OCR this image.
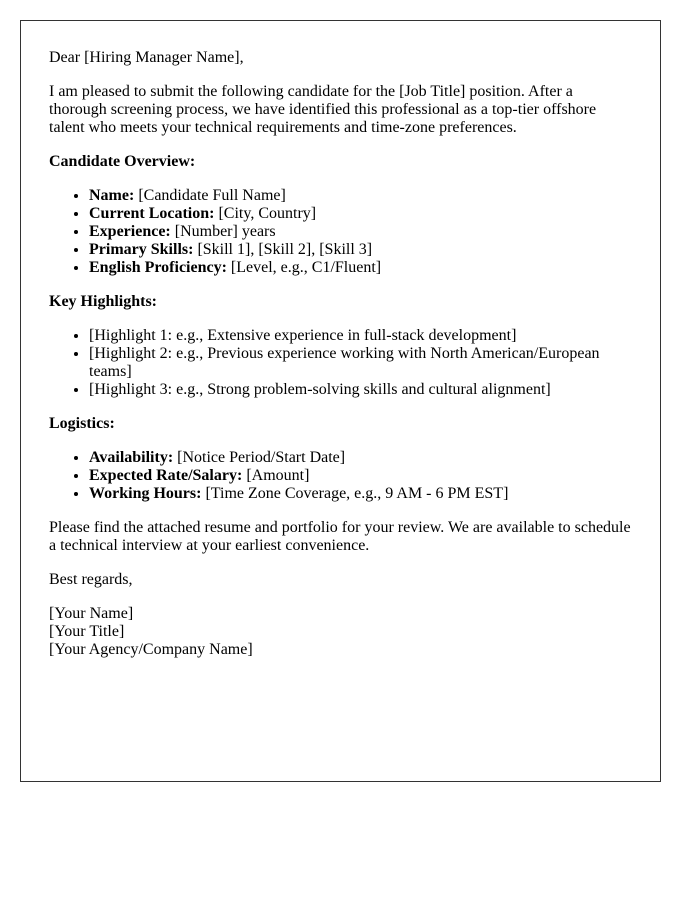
Dear [Hiring Manager Name],

I am pleased to submit the following candidate for the [Job Title] position. After a thorough screening process, we have identified this professional as a top-tier offshore talent who meets your technical requirements and time-zone preferences.

Candidate Overview:
• Name: [Candidate Full Name]
• Current Location: [City, Country]
• Experience: [Number] years
• Primary Skills: [Skill 1], [Skill 2], [Skill 3]
• English Proficiency: [Level, e.g., C1/Fluent]
Key Highlights:
• [Highlight 1: e.g., Extensive experience in full-stack development]
• [Highlight 2: e.g., Previous experience working with North American/European teams]
• [Highlight 3: e.g., Strong problem-solving skills and cultural alignment]
Logistics:
• Availability: [Notice Period/Start Date]
• Expected Rate/Salary: [Amount]
• Working Hours: [Time Zone Coverage, e.g., 9 AM - 6 PM EST]

Please find the attached resume and portfolio for your review. We are available to schedule a technical interview at your earliest convenience.

Best regards,

[Your Name]
[Your Title]
[Your Agency/Company Name]
